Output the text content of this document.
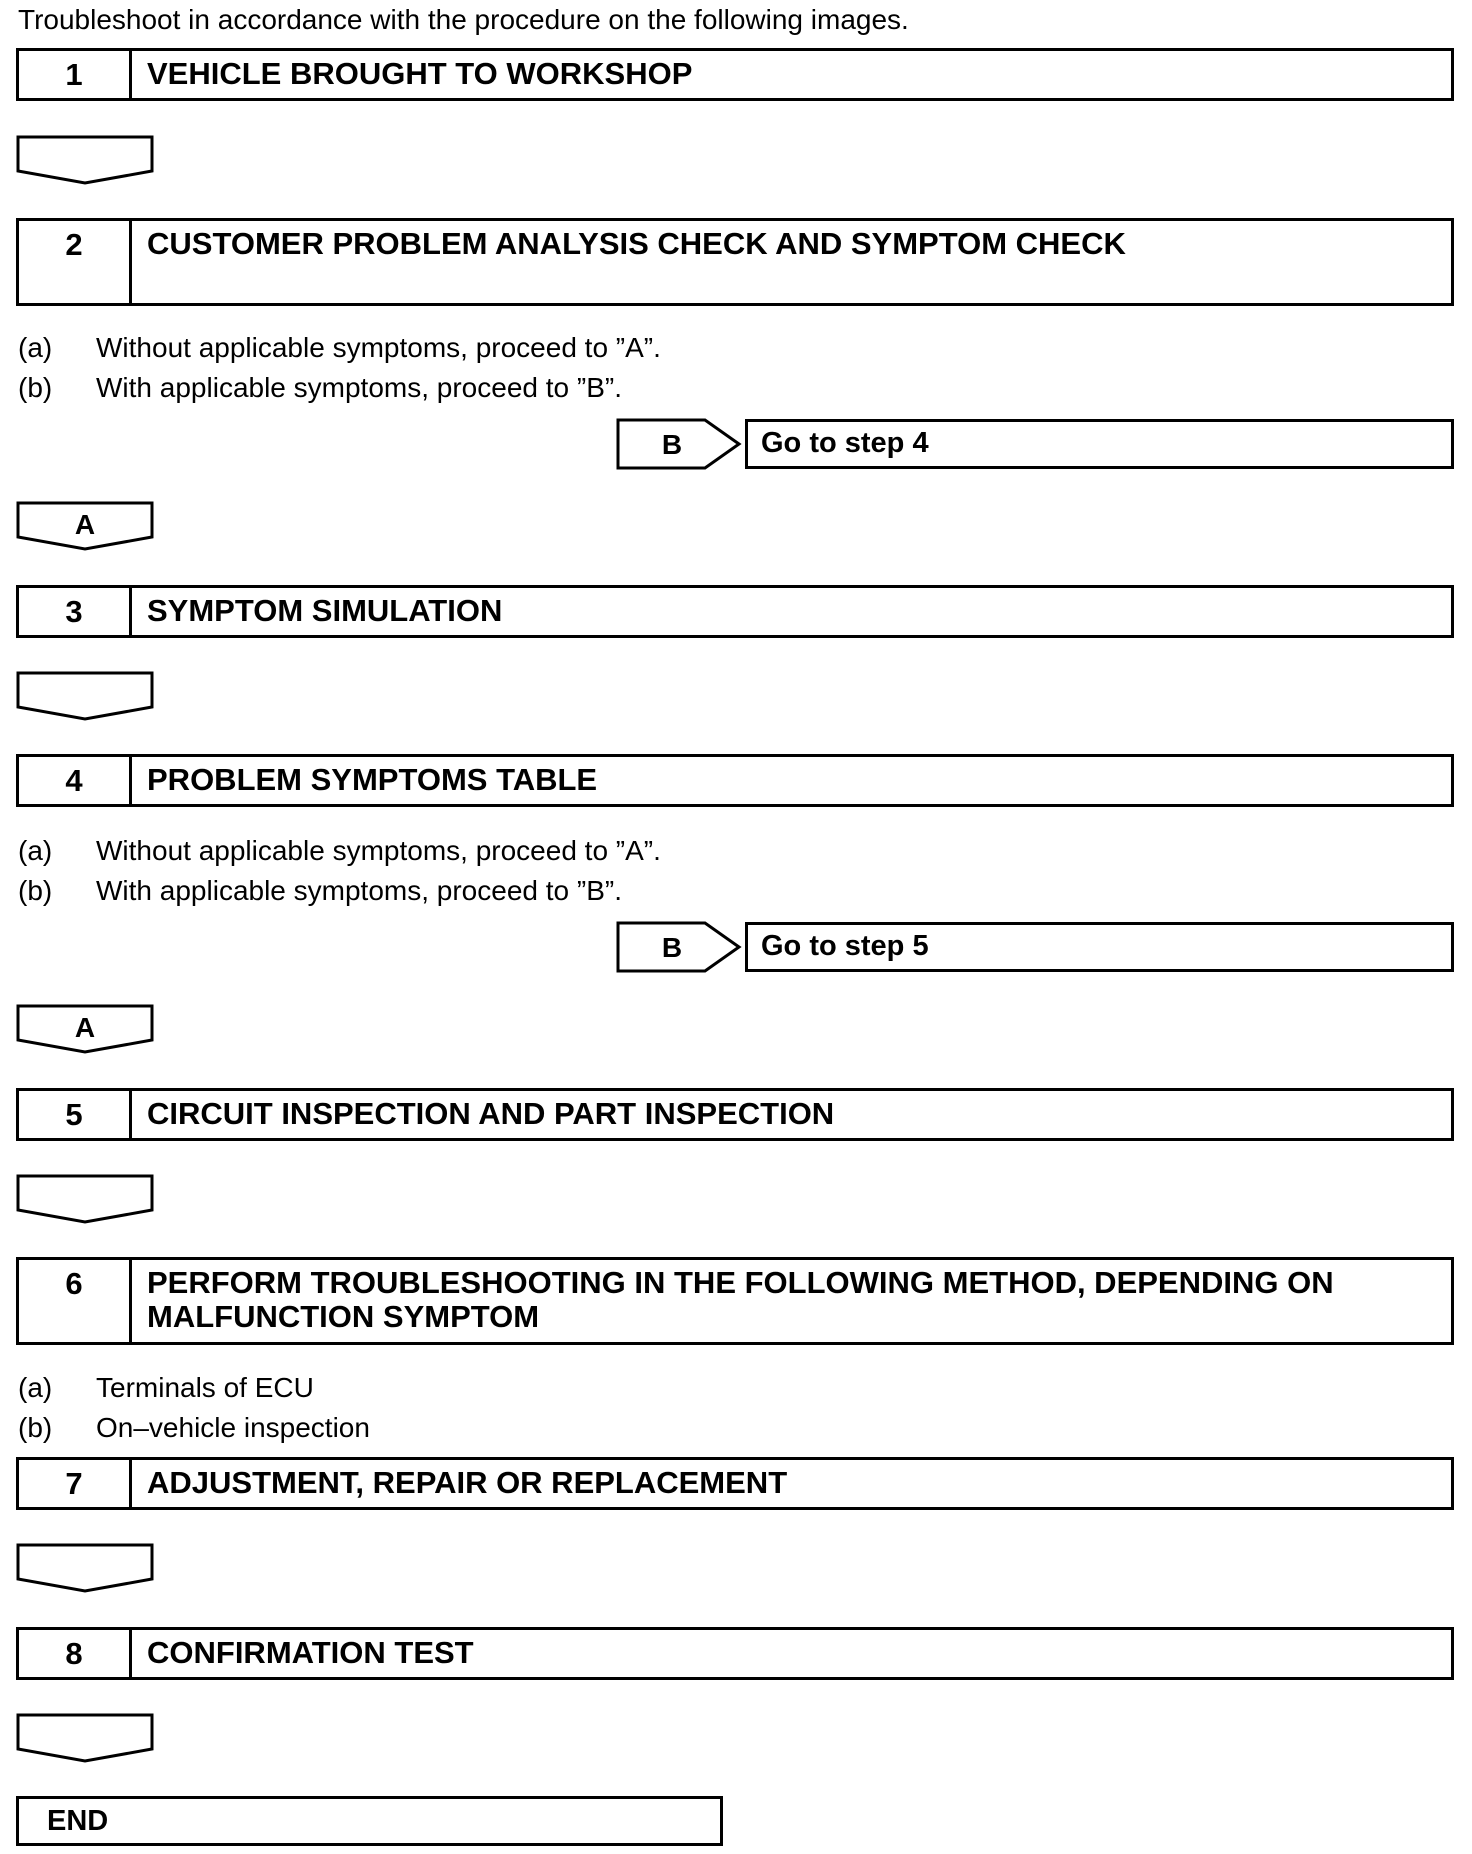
Troubleshoot in accordance with the procedure on the following images.
1	VEHICLE BROUGHT TO WORKSHOP
2	CUSTOMER PROBLEM ANALYSIS CHECK AND SYMPTOM CHECK
(a) Without applicable symptoms, proceed to ”A”.
(b) With applicable symptoms, proceed to ”B”.
B	Go to step 4
A
3	SYMPTOM SIMULATION
4	PROBLEM SYMPTOMS TABLE
(a) Without applicable symptoms, proceed to ”A”.
(b) With applicable symptoms, proceed to ”B”.
B	Go to step 5
A
5	CIRCUIT INSPECTION AND PART INSPECTION
6	PERFORM TROUBLESHOOTING IN THE FOLLOWING METHOD, DEPENDING ON MALFUNCTION SYMPTOM
(a) Terminals of ECU
(b) On–vehicle inspection
7	ADJUSTMENT, REPAIR OR REPLACEMENT
8	CONFIRMATION TEST
END
